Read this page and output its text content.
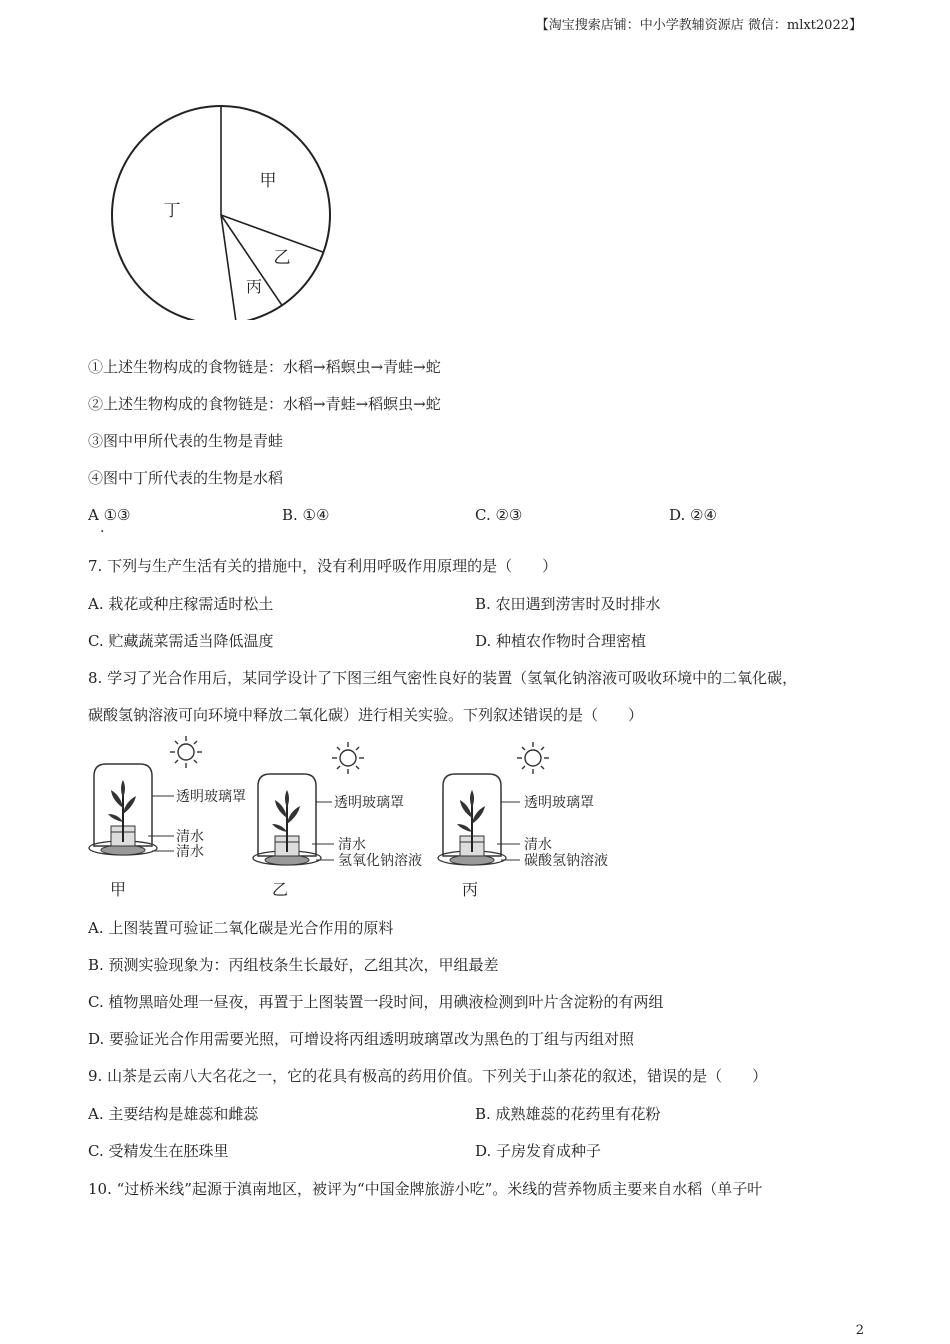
【淘宝搜索店铺：中小学教辅资源店 微信：mlxt2022】
甲
丁
乙
丙
①上述生物构成的食物链是：水稻→稻螟虫→青蛙→蛇
②上述生物构成的食物链是：水稻→青蛙→稻螟虫→蛇
③图中甲所代表的生物是青蛙
④图中丁所代表的生物是水稻
A ①③	B. ①④	C. ②③	D. ②④
·
7. 下列与生产生活有关的措施中，没有利用呼吸作用原理的是（　　）
A. 栽花或种庄稼需适时松土	B. 农田遇到涝害时及时排水
C. 贮藏蔬菜需适当降低温度	D. 种植农作物时合理密植
8. 学习了光合作用后，某同学设计了下图三组气密性良好的装置（氢氧化钠溶液可吸收环境中的二氧化碳，
碳酸氢钠溶液可向环境中释放二氧化碳）进行相关实验。下列叙述错误的是（　　）
透明玻璃罩
清水
清水
甲
透明玻璃罩
清水
氢氧化钠溶液
乙
透明玻璃罩
清水
碳酸氢钠溶液
丙
A. 上图装置可验证二氧化碳是光合作用的原料
B. 预测实验现象为：丙组枝条生长最好，乙组其次，甲组最差
C. 植物黑暗处理一昼夜，再置于上图装置一段时间，用碘液检测到叶片含淀粉的有两组
D. 要验证光合作用需要光照，可增设将丙组透明玻璃罩改为黑色的丁组与丙组对照
9. 山茶是云南八大名花之一，它的花具有极高的药用价值。下列关于山茶花的叙述，错误的是（　　）
A. 主要结构是雄蕊和雌蕊	B. 成熟雄蕊的花药里有花粉
C. 受精发生在胚珠里	D. 子房发育成种子
10. “过桥米线”起源于滇南地区，被评为“中国金牌旅游小吃”。米线的营养物质主要来自水稻（单子叶
2
